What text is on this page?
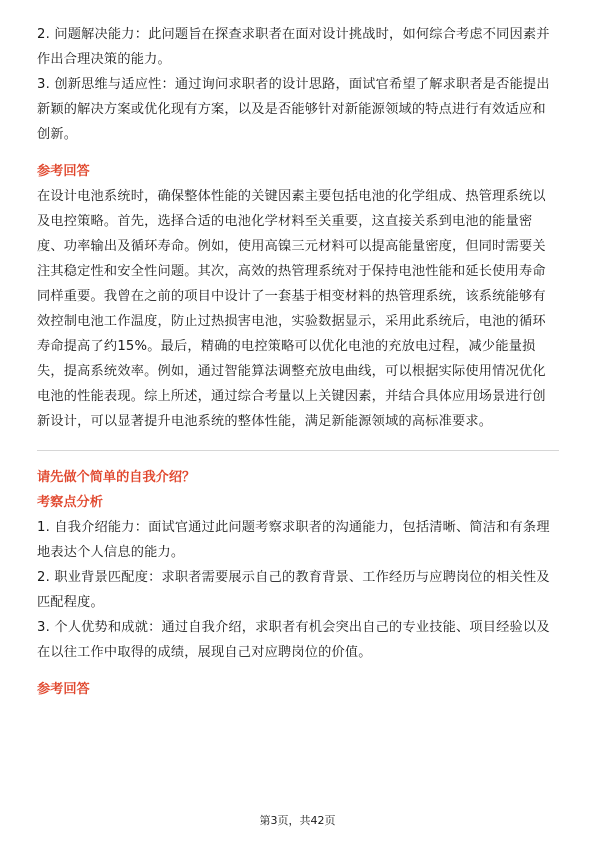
2. 问题解决能力：此问题旨在探查求职者在面对设计挑战时，如何综合考虑不同因素并作出合理决策的能力。

3. 创新思维与适应性：通过询问求职者的设计思路，面试官希望了解求职者是否能提出新颖的解决方案或优化现有方案，以及是否能够针对新能源领域的特点进行有效适应和创新。

参考回答

在设计电池系统时，确保整体性能的关键因素主要包括电池的化学组成、热管理系统以及电控策略。首先，选择合适的电池化学材料至关重要，这直接关系到电池的能量密度、功率输出及循环寿命。例如，使用高镍三元材料可以提高能量密度，但同时需要关注其稳定性和安全性问题。其次，高效的热管理系统对于保持电池性能和延长使用寿命同样重要。我曾在之前的项目中设计了一套基于相变材料的热管理系统，该系统能够有效控制电池工作温度，防止过热损害电池，实验数据显示，采用此系统后，电池的循环寿命提高了约15%。最后，精确的电控策略可以优化电池的充放电过程，减少能量损失，提高系统效率。例如，通过智能算法调整充放电曲线，可以根据实际使用情况优化电池的性能表现。综上所述，通过综合考量以上关键因素，并结合具体应用场景进行创新设计，可以显著提升电池系统的整体性能，满足新能源领域的高标准要求。

请先做个简单的自我介绍？

考察点分析

1. 自我介绍能力：面试官通过此问题考察求职者的沟通能力，包括清晰、简洁和有条理地表达个人信息的能力。

2. 职业背景匹配度：求职者需要展示自己的教育背景、工作经历与应聘岗位的相关性及匹配程度。

3. 个人优势和成就：通过自我介绍，求职者有机会突出自己的专业技能、项目经验以及在以往工作中取得的成绩，展现自己对应聘岗位的价值。

参考回答

第3页，共42页
